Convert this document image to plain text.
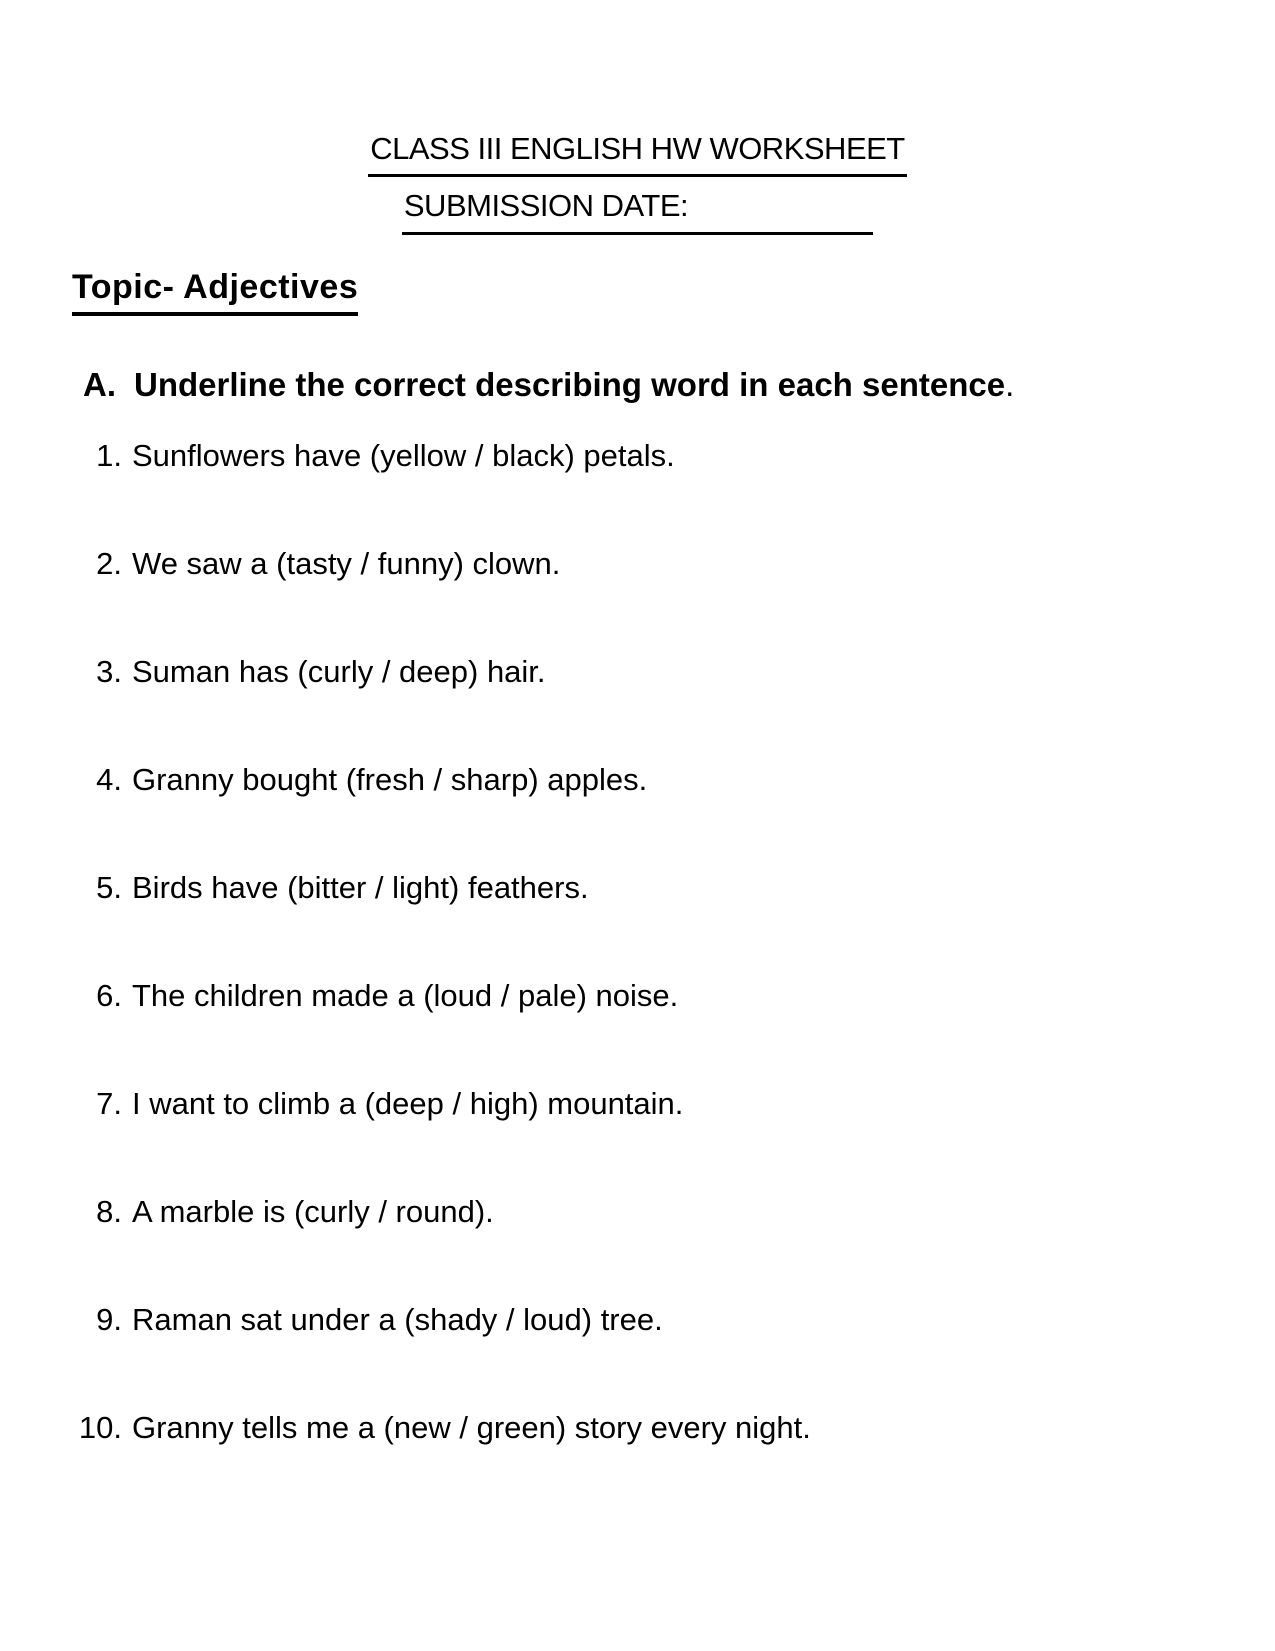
CLASS III ENGLISH HW WORKSHEET
SUBMISSION DATE:
Topic- Adjectives
A. Underline the correct describing word in each sentence.
1. Sunflowers have (yellow / black) petals.
2. We saw a (tasty / funny) clown.
3. Suman has (curly / deep) hair.
4. Granny bought (fresh / sharp) apples.
5. Birds have (bitter / light) feathers.
6. The children made a (loud / pale) noise.
7. I want to climb a (deep / high) mountain.
8. A marble is (curly / round).
9. Raman sat under a (shady / loud) tree.
10. Granny tells me a (new / green) story every night.
